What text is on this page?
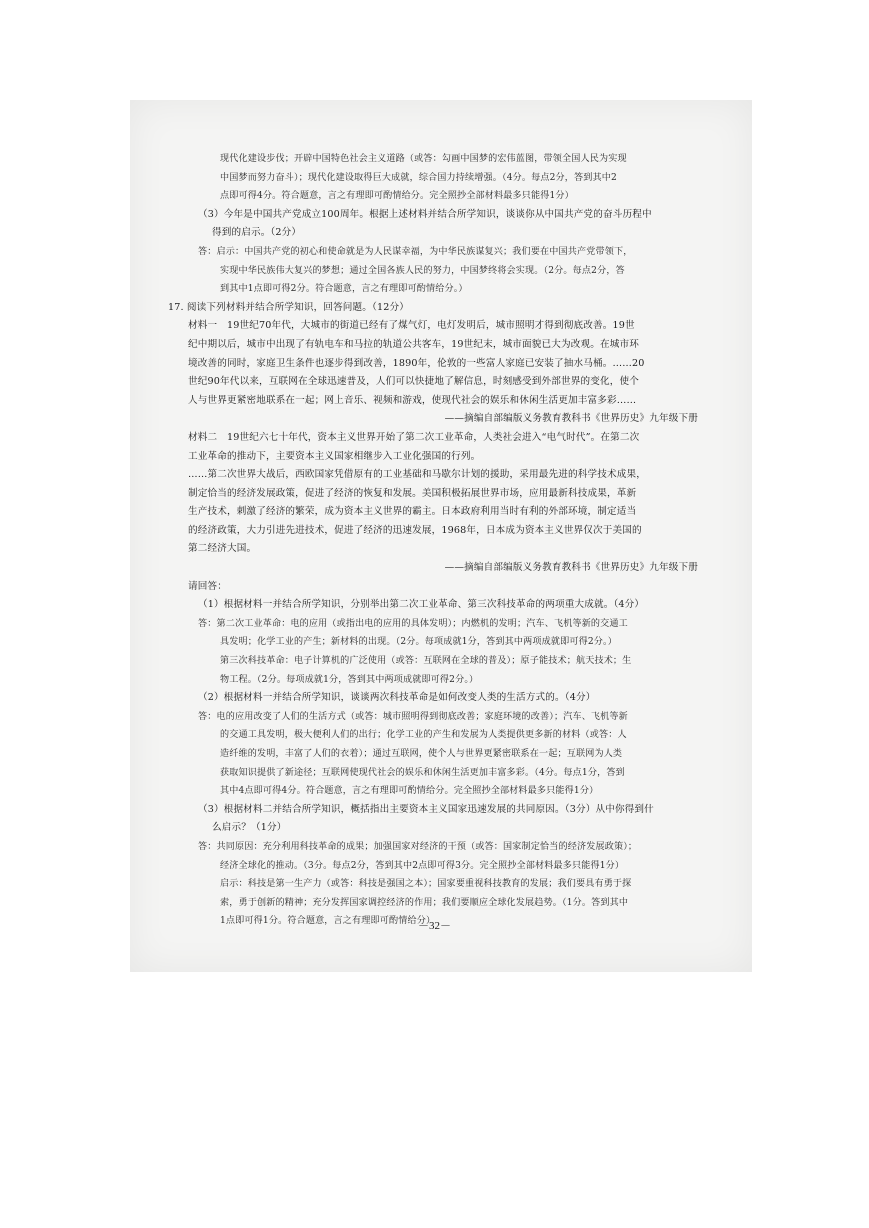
现代化建设步伐；开辟中国特色社会主义道路（或答：勾画中国梦的宏伟蓝图，带领全国人民为实现
中国梦而努力奋斗）；现代化建设取得巨大成就，综合国力持续增强。（4分。每点2分，答到其中2
点即可得4分。符合题意，言之有理即可酌情给分。完全照抄全部材料最多只能得1分）
（3）今年是中国共产党成立100周年。根据上述材料并结合所学知识，谈谈你从中国共产党的奋斗历程中
得到的启示。（2分）
答：启示：中国共产党的初心和使命就是为人民谋幸福，为中华民族谋复兴；我们要在中国共产党带领下，
实现中华民族伟大复兴的梦想；通过全国各族人民的努力，中国梦终将会实现。（2分。每点2分，答
到其中1点即可得2分。符合题意，言之有理即可酌情给分。）
17. 阅读下列材料并结合所学知识，回答问题。（12分）
材料一　19世纪70年代，大城市的街道已经有了煤气灯，电灯发明后，城市照明才得到彻底改善。19世
纪中期以后，城市中出现了有轨电车和马拉的轨道公共客车，19世纪末，城市面貌已大为改观。在城市环
境改善的同时，家庭卫生条件也逐步得到改善，1890年，伦敦的一些富人家庭已安装了抽水马桶。……20
世纪90年代以来，互联网在全球迅速普及，人们可以快捷地了解信息，时刻感受到外部世界的变化，使个
人与世界更紧密地联系在一起；网上音乐、视频和游戏，使现代社会的娱乐和休闲生活更加丰富多彩……
——摘编自部编版义务教育教科书《世界历史》九年级下册
材料二　19世纪六七十年代，资本主义世界开始了第二次工业革命，人类社会进入“电气时代”。在第二次
工业革命的推动下，主要资本主义国家相继步入工业化强国的行列。
……第二次世界大战后，西欧国家凭借原有的工业基础和马歇尔计划的援助，采用最先进的科学技术成果，
制定恰当的经济发展政策，促进了经济的恢复和发展。美国积极拓展世界市场，应用最新科技成果，革新
生产技术，刺激了经济的繁荣，成为资本主义世界的霸主。日本政府利用当时有利的外部环境，制定适当
的经济政策，大力引进先进技术，促进了经济的迅速发展，1968年，日本成为资本主义世界仅次于美国的
第二经济大国。
——摘编自部编版义务教育教科书《世界历史》九年级下册
请回答：
（1）根据材料一并结合所学知识，分别举出第二次工业革命、第三次科技革命的两项重大成就。（4分）
答：第二次工业革命：电的应用（或指出电的应用的具体发明）；内燃机的发明；汽车、飞机等新的交通工
具发明；化学工业的产生；新材料的出现。（2分。每项成就1分，答到其中两项成就即可得2分。）
第三次科技革命：电子计算机的广泛使用（或答：互联网在全球的普及）；原子能技术；航天技术；生
物工程。（2分。每项成就1分，答到其中两项成就即可得2分。）
（2）根据材料一并结合所学知识，谈谈两次科技革命是如何改变人类的生活方式的。（4分）
答：电的应用改变了人们的生活方式（或答：城市照明得到彻底改善；家庭环境的改善）；汽车、飞机等新
的交通工具发明，极大便利人们的出行；化学工业的产生和发展为人类提供更多新的材料（或答：人
造纤维的发明，丰富了人们的衣着）；通过互联网，使个人与世界更紧密联系在一起；互联网为人类
获取知识提供了新途径；互联网使现代社会的娱乐和休闲生活更加丰富多彩。（4分。每点1分，答到
其中4点即可得4分。符合题意，言之有理即可酌情给分。完全照抄全部材料最多只能得1分）
（3）根据材料二并结合所学知识，概括指出主要资本主义国家迅速发展的共同原因。（3分）从中你得到什
么启示？（1分）
答：共同原因：充分利用科技革命的成果；加强国家对经济的干预（或答：国家制定恰当的经济发展政策）；
经济全球化的推动。（3分。每点2分，答到其中2点即可得3分。完全照抄全部材料最多只能得1分）
启示：科技是第一生产力（或答：科技是强国之本）；国家要重视科技教育的发展；我们要具有勇于探
索，勇于创新的精神；充分发挥国家调控经济的作用；我们要顺应全球化发展趋势。（1分。答到其中
1点即可得1分。符合题意，言之有理即可酌情给分）
－32－
